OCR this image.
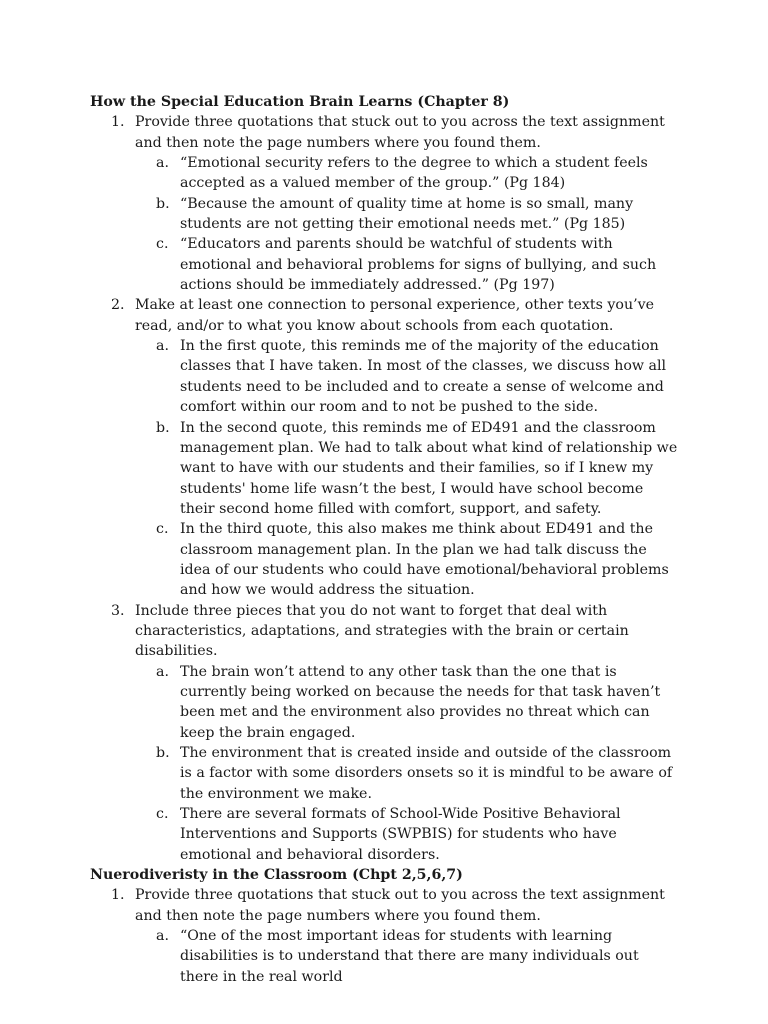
How the Special Education Brain Learns (Chapter 8)

1. Provide three quotations that stuck out to you across the text assignment and then note the page numbers where you found them.
a. “Emotional security refers to the degree to which a student feels accepted as a valued member of the group.” (Pg 184)
b. “Because the amount of quality time at home is so small, many students are not getting their emotional needs met.” (Pg 185)
c. “Educators and parents should be watchful of students with emotional and behavioral problems for signs of bullying, and such actions should be immediately addressed.” (Pg 197)
2. Make at least one connection to personal experience, other texts you’ve read, and/or to what you know about schools from each quotation.
a. In the first quote, this reminds me of the majority of the education classes that I have taken. In most of the classes, we discuss how all students need to be included and to create a sense of welcome and comfort within our room and to not be pushed to the side.
b. In the second quote, this reminds me of ED491 and the classroom management plan. We had to talk about what kind of relationship we want to have with our students and their families, so if I knew my students' home life wasn’t the best, I would have school become their second home filled with comfort, support, and safety.
c. In the third quote, this also makes me think about ED491 and the classroom management plan. In the plan we had talk discuss the idea of our students who could have emotional/behavioral problems and how we would address the situation.
3. Include three pieces that you do not want to forget that deal with characteristics, adaptations, and strategies with the brain or certain disabilities.
a. The brain won’t attend to any other task than the one that is currently being worked on because the needs for that task haven’t been met and the environment also provides no threat which can keep the brain engaged.
b. The environment that is created inside and outside of the classroom is a factor with some disorders onsets so it is mindful to be aware of the environment we make.
c. There are several formats of School-Wide Positive Behavioral Interventions and Supports (SWPBIS) for students who have emotional and behavioral disorders.

Nuerodiveristy in the Classroom (Chpt 2,5,6,7)

1. Provide three quotations that stuck out to you across the text assignment and then note the page numbers where you found them.
a. “One of the most important ideas for students with learning disabilities is to understand that there are many individuals out there in the real world
